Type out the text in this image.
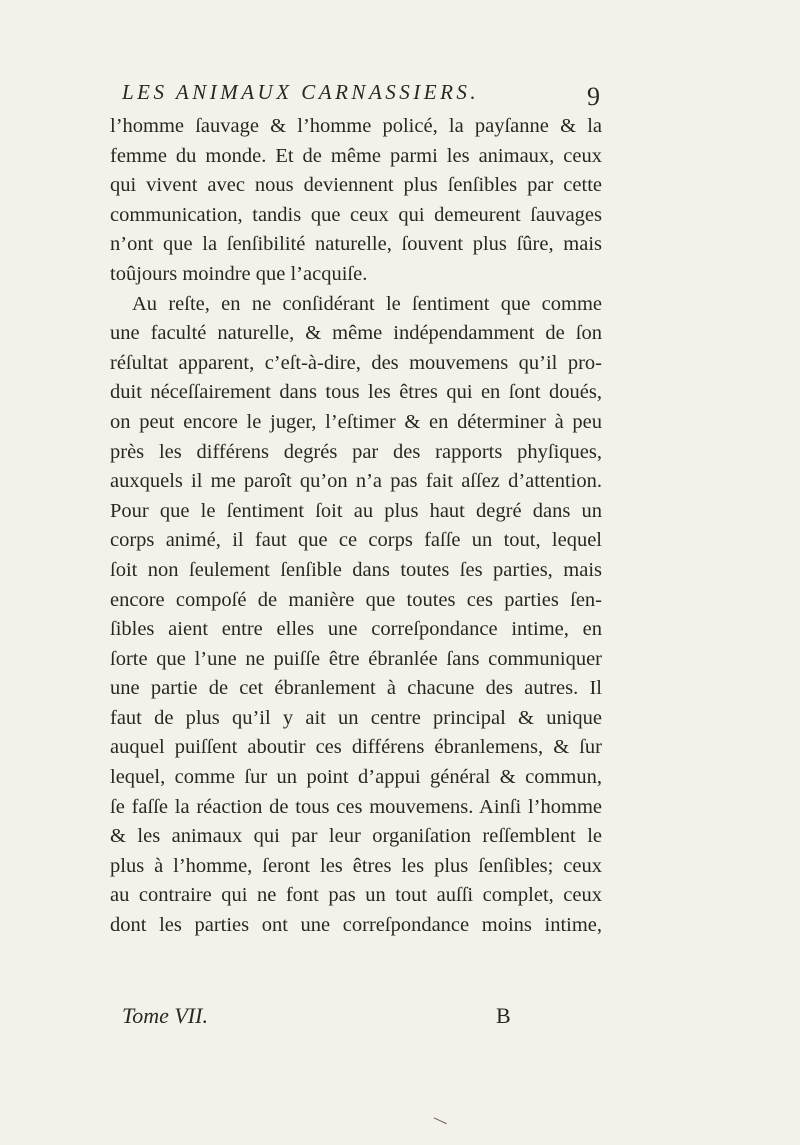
LES ANIMAUX CARNASSIERS.	9
l’homme ſauvage & l’homme policé, la payſanne & la
femme du monde. Et de même parmi les animaux, ceux
qui vivent avec nous deviennent plus ſenſibles par cette
communication, tandis que ceux qui demeurent ſauvages
n’ont que la ſenſibilité naturelle, ſouvent plus ſûre, mais
toûjours moindre que l’acquiſe.
Au reſte, en ne conſidérant le ſentiment que comme
une faculté naturelle, & même indépendamment de ſon
réſultat apparent, c’eſt-à-dire, des mouvemens qu’il pro-
duit néceſſairement dans tous les êtres qui en ſont doués,
on peut encore le juger, l’eſtimer & en déterminer à peu
près les différens degrés par des rapports phyſiques,
auxquels il me paroît qu’on n’a pas fait aſſez d’attention.
Pour que le ſentiment ſoit au plus haut degré dans un
corps animé, il faut que ce corps faſſe un tout, lequel
ſoit non ſeulement ſenſible dans toutes ſes parties, mais
encore compoſé de manière que toutes ces parties ſen-
ſibles aient entre elles une correſpondance intime, en
ſorte que l’une ne puiſſe être ébranlée ſans communiquer
une partie de cet ébranlement à chacune des autres. Il
faut de plus qu’il y ait un centre principal & unique
auquel puiſſent aboutir ces différens ébranlemens, & ſur
lequel, comme ſur un point d’appui général & commun,
ſe faſſe la réaction de tous ces mouvemens. Ainſi l’homme
& les animaux qui par leur organiſation reſſemblent le
plus à l’homme, ſeront les êtres les plus ſenſibles; ceux
au contraire qui ne font pas un tout auſſi complet, ceux
dont les parties ont une correſpondance moins intime,
Tome VII.	B
